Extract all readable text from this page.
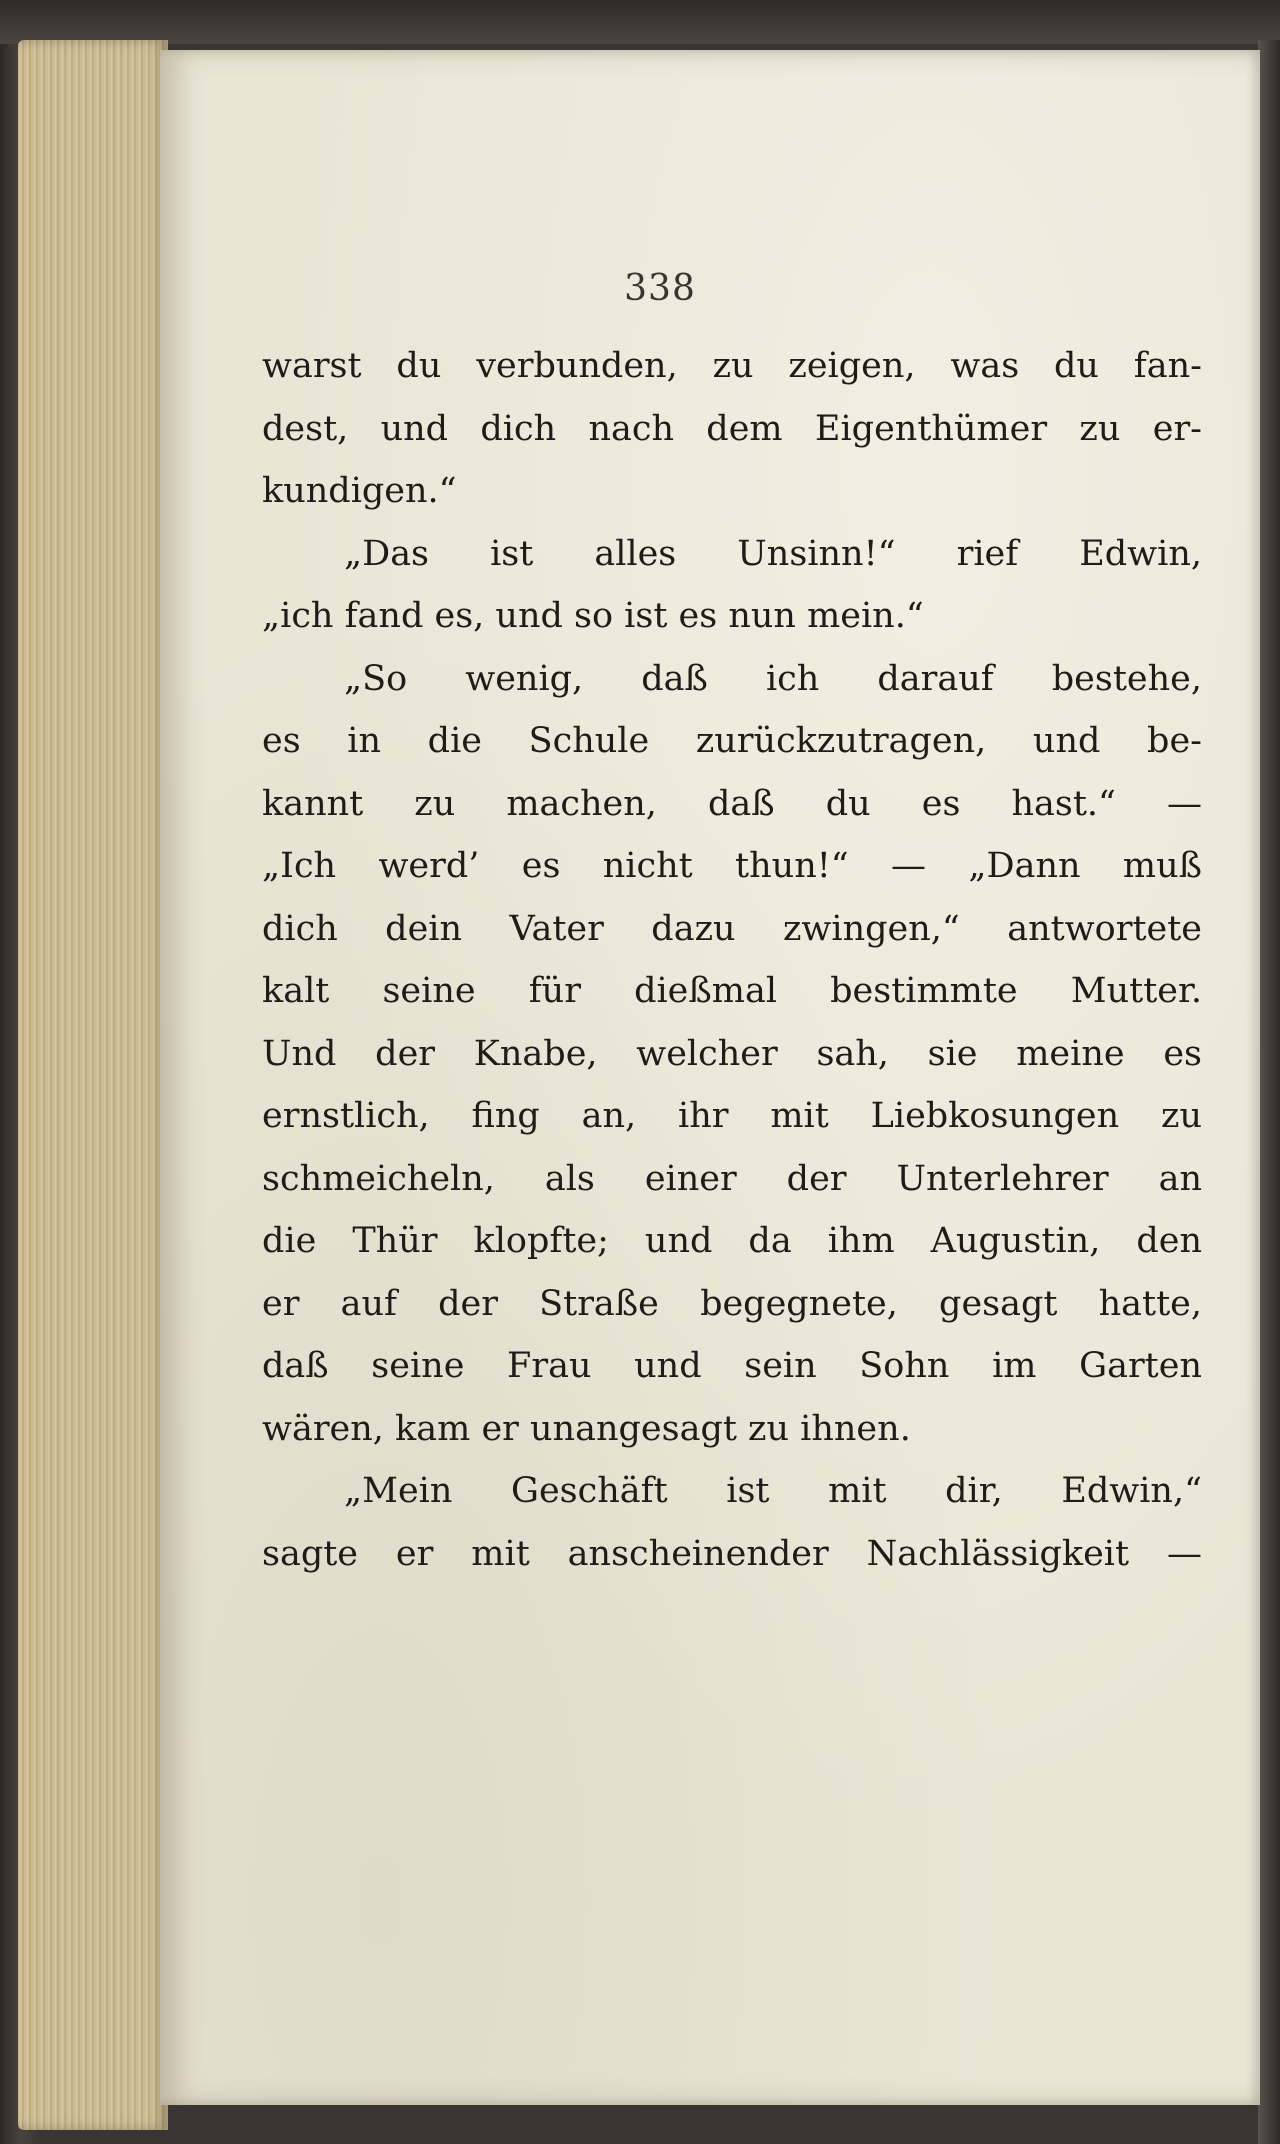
338
warst du verbunden, zu zeigen, was du fan-
dest, und dich nach dem Eigenthümer zu er-
kundigen.“
„Das ist alles Unsinn!“ rief Edwin,
„ich fand es, und so ist es nun mein.“
„So wenig, daß ich darauf bestehe,
es in die Schule zurückzutragen, und be-
kannt zu machen, daß du es hast.“ —
„Ich werd’ es nicht thun!“ — „Dann muß
dich dein Vater dazu zwingen,“ antwortete
kalt seine für dießmal bestimmte Mutter.
Und der Knabe, welcher sah, sie meine es
ernstlich, fing an, ihr mit Liebkosungen zu
schmeicheln, als einer der Unterlehrer an
die Thür klopfte; und da ihm Augustin, den
er auf der Straße begegnete, gesagt hatte,
daß seine Frau und sein Sohn im Garten
wären, kam er unangesagt zu ihnen.
„Mein Geschäft ist mit dir, Edwin,“
sagte er mit anscheinender Nachlässigkeit —
